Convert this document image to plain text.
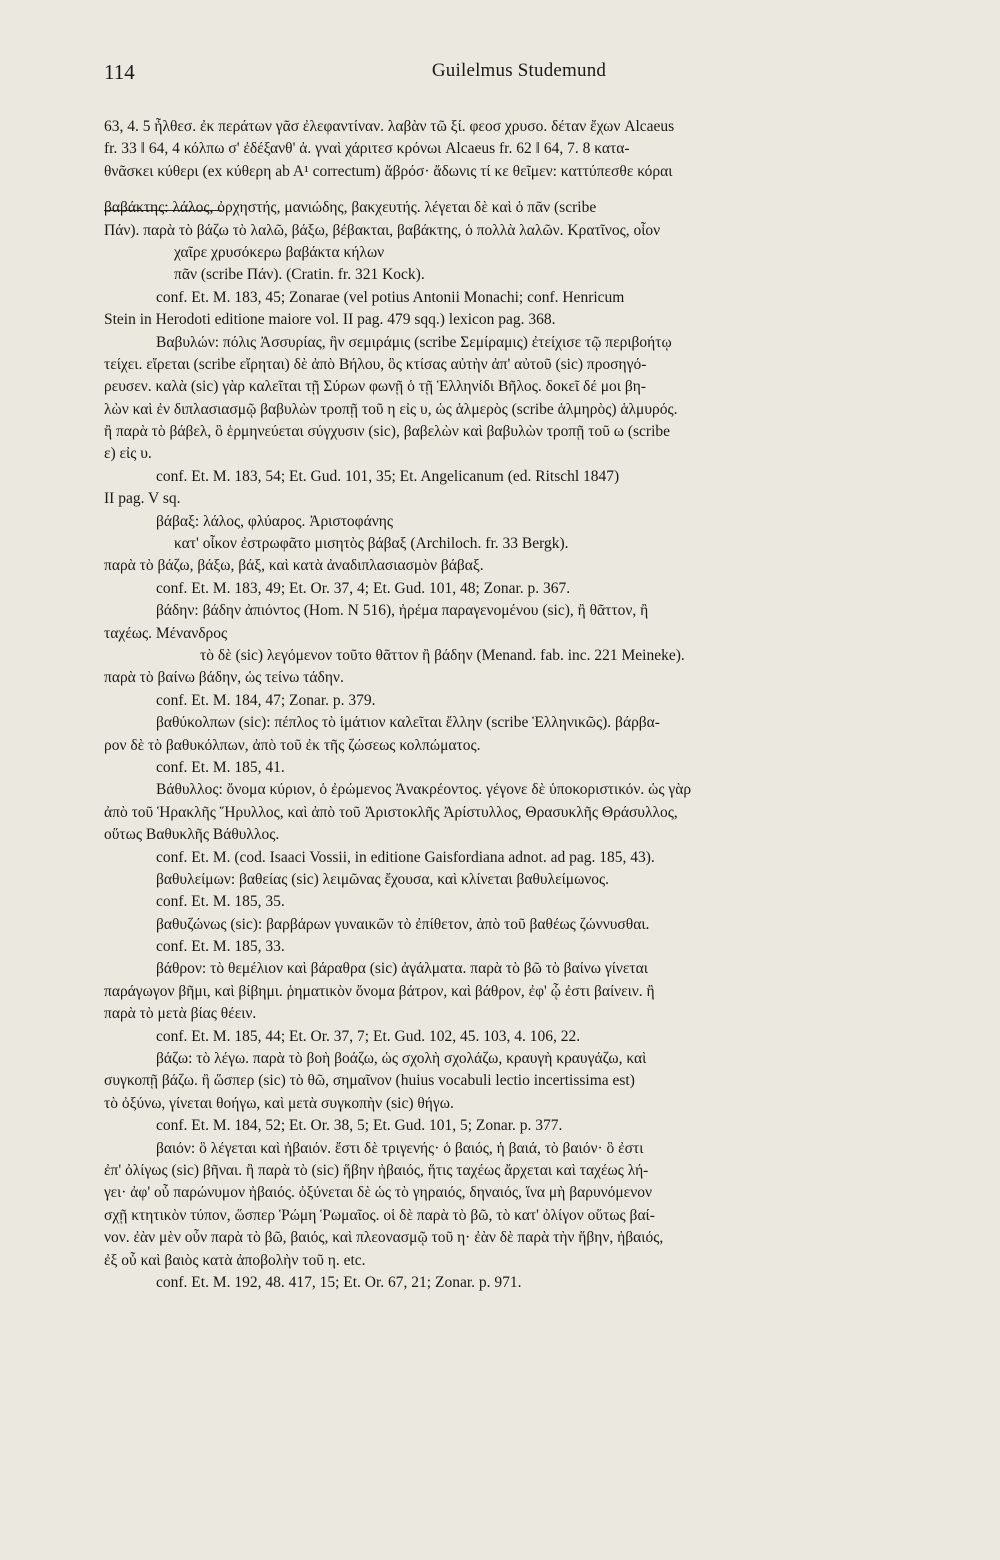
114	Guilelmus Studemund
63, 4. 5 ἦλθεσ. ἐκ περάτων γᾶσ ἐλεφαντίναν. λαβὰν τῶ ξί. φεοσ χρυσο. δέταν ἔχων Alcaeus
fr. 33 ‖ 64, 4 κόλπω σ' ἐδέξανθ' ἀ. γναὶ χάριτεσ κρόνωι Alcaeus fr. 62 ‖ 64, 7. 8 κατα-
θνᾶσκει κύθερι (ex κύθερη ab A¹ correctum) ἄβρόσ· ἄδωνις τί κε θεῖμεν: καττύπεσθε κόραι
βαβάκτης: λάλος, ὀρχηστής, μανιώδης, βακχευτής. λέγεται δὲ καὶ ὁ πᾶν (scribe
Πάν). παρὰ τὸ βάζω τὸ λαλῶ, βάξω, βέβακται, βαβάκτης, ὁ πολλὰ λαλῶν. Κρατῖνος, οἷον
χαῖρε χρυσόκερω βαβάκτα κήλων
πᾶν (scribe Πάν). (Cratin. fr. 321 Kock).
conf. Et. M. 183, 45; Zonarae (vel potius Antonii Monachi; conf. Henricum
Stein in Herodoti editione maiore vol. II pag. 479 sqq.) lexicon pag. 368.
Βαβυλών: πόλις Ἀσσυρίας, ἣν σεμιράμις (scribe Σεμίραμις) ἐτείχισε τῷ περιβοήτῳ
τείχει. εἴρεται (scribe εἴρηται) δὲ ἀπὸ Βήλου, ὃς κτίσας αὐτὴν ἀπ' αὐτοῦ (sic) προσηγό-
ρευσεν. καλὰ (sic) γὰρ καλεῖται τῇ Σύρων φωνῇ ὁ τῇ Ἑλληνίδι Βῆλος. δοκεῖ δέ μοι βη-
λὼν καὶ ἐν διπλασιασμῷ βαβυλὼν τροπῇ τοῦ η εἰς υ, ὡς ἁλμερὸς (scribe ἁλμηρὸς) ἁλμυρός.
ἢ παρὰ τὸ βάβελ, ὃ ἑρμηνεύεται σύγχυσιν (sic), βαβελὼν καὶ βαβυλὼν τροπῇ τοῦ ω (scribe
ε) εἰς υ.
conf. Et. M. 183, 54; Et. Gud. 101, 35; Et. Angelicanum (ed. Ritschl 1847)
II pag. V sq.
βάβαξ: λάλος, φλύαρος. Ἀριστοφάνης
κατ' οἶκον ἐστρωφᾶτο μισητὸς βάβαξ (Archiloch. fr. 33 Bergk).
παρὰ τὸ βάζω, βάξω, βάξ, καὶ κατὰ ἀναδιπλασιασμὸν βάβαξ.
conf. Et. M. 183, 49; Et. Or. 37, 4; Et. Gud. 101, 48; Zonar. p. 367.
βάδην: βάδην ἀπιόντος (Hom. N 516), ἠρέμα παραγενομένου (sic), ἢ θᾶττον, ἢ
ταχέως. Μένανδρος
τὸ δὲ (sic) λεγόμενον τοῦτο θᾶττον ἢ βάδην (Menand. fab. inc. 221 Meineke).
παρὰ τὸ βαίνω βάδην, ὡς τείνω τάδην.
conf. Et. M. 184, 47; Zonar. p. 379.
βαθύκολπων (sic): πέπλος τὸ ἱμάτιον καλεῖται ἔλλην (scribe Ἑλληνικῶς). βάρβα-
ρον δὲ τὸ βαθυκόλπων, ἀπὸ τοῦ ἐκ τῆς ζώσεως κολπώματος.
conf. Et. M. 185, 41.
Βάθυλλος: ὄνομα κύριον, ὁ ἐρώμενος Ἀνακρέοντος. γέγονε δὲ ὑποκοριστικόν. ὡς γὰρ
ἀπὸ τοῦ Ἡρακλῆς Ἥρυλλος, καὶ ἀπὸ τοῦ Ἀριστοκλῆς Ἀρίστυλλος, Θρασυκλῆς Θράσυλλος,
οὕτως Βαθυκλῆς Βάθυλλος.
conf. Et. M. (cod. Isaaci Vossii, in editione Gaisfordiana adnot. ad pag. 185, 43).
βαθυλείμων: βαθείας (sic) λειμῶνας ἔχουσα, καὶ κλίνεται βαθυλείμωνος.
conf. Et. M. 185, 35.
βαθυζώνως (sic): βαρβάρων γυναικῶν τὸ ἐπίθετον, ἀπὸ τοῦ βαθέως ζώννυσθαι.
conf. Et. M. 185, 33.
βάθρον: τὸ θεμέλιον καὶ βάραθρα (sic) ἀγάλματα. παρὰ τὸ βῶ τὸ βαίνω γίνεται
παράγωγον βῆμι, καὶ βίβημι. ῥηματικὸν ὄνομα βάτρον, καὶ βάθρον, ἐφ' ᾧ ἐστι βαίνειν. ἢ
παρὰ τὸ μετὰ βίας θέειν.
conf. Et. M. 185, 44; Et. Or. 37, 7; Et. Gud. 102, 45. 103, 4. 106, 22.
βάζω: τὸ λέγω. παρὰ τὸ βοὴ βοάζω, ὡς σχολὴ σχολάζω, κραυγὴ κραυγάζω, καὶ
συγκοπῇ βάζω. ἢ ὥσπερ (sic) τὸ θῶ, σημαῖνον (huius vocabuli lectio incertissima est)
τὸ ὀξύνω, γίνεται θοήγω, καὶ μετὰ συγκοπὴν (sic) θήγω.
conf. Et. M. 184, 52; Et. Or. 38, 5; Et. Gud. 101, 5; Zonar. p. 377.
βαιόν: ὃ λέγεται καὶ ἠβαιόν. ἔστι δὲ τριγενής· ὁ βαιός, ἡ βαιά, τὸ βαιόν· ὃ ἐστι
ἐπ' ὀλίγως (sic) βῆναι. ἢ παρὰ τὸ (sic) ἥβην ἠβαιός, ἥτις ταχέως ἄρχεται καὶ ταχέως λή-
γει· ἀφ' οὗ παρώνυμον ἠβαιός. ὀξύνεται δὲ ὡς τὸ γηραιός, δηναιός, ἵνα μὴ βαρυνόμενον
σχῇ κτητικὸν τύπον, ὥσπερ Ῥώμη Ῥωμαῖος. οἱ δὲ παρὰ τὸ βῶ, τὸ κατ' ὀλίγον οὕτως βαί-
νον. ἐὰν μὲν οὖν παρὰ τὸ βῶ, βαιός, καὶ πλεονασμῷ τοῦ η· ἐὰν δὲ παρὰ τὴν ἥβην, ἠβαιός,
ἐξ οὗ καὶ βαιὸς κατὰ ἀποβολὴν τοῦ η. etc.
conf. Et. M. 192, 48. 417, 15; Et. Or. 67, 21; Zonar. p. 971.
